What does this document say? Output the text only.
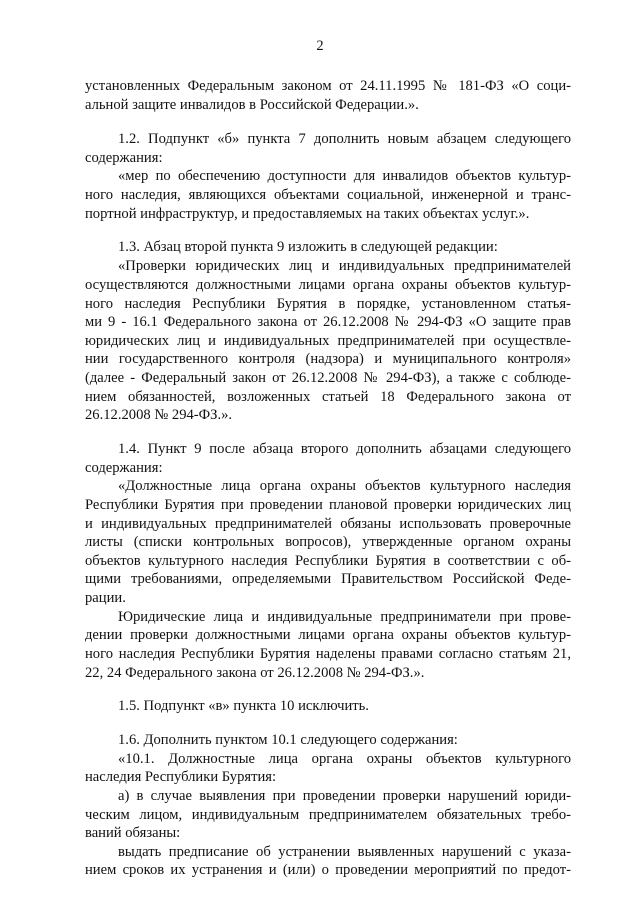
2
установленных Федеральным законом от 24.11.1995 № 181-ФЗ «О соци-
альной защите инвалидов в Российской Федерации.».
1.2. Подпункт «б» пункта 7 дополнить новым абзацем следующего
содержания:
«мер по обеспечению доступности для инвалидов объектов культур-
ного наследия, являющихся объектами социальной, инженерной и транс-
портной инфраструктур, и предоставляемых на таких объектах услуг.».
1.3. Абзац второй пункта 9 изложить в следующей редакции:
«Проверки юридических лиц и индивидуальных предпринимателей
осуществляются должностными лицами органа охраны объектов культур-
ного наследия Республики Бурятия в порядке, установленном статья-
ми 9 - 16.1 Федерального закона от 26.12.2008 № 294-ФЗ «О защите прав
юридических лиц и индивидуальных предпринимателей при осуществле-
нии государственного контроля (надзора) и муниципального контроля»
(далее - Федеральный закон от 26.12.2008 № 294-ФЗ), а также с соблюде-
нием обязанностей, возложенных статьей 18 Федерального закона от
26.12.2008 № 294-ФЗ.».
1.4. Пункт 9 после абзаца второго дополнить абзацами следующего
содержания:
«Должностные лица органа охраны объектов культурного наследия
Республики Бурятия при проведении плановой проверки юридических лиц
и индивидуальных предпринимателей обязаны использовать проверочные
листы (списки контрольных вопросов), утвержденные органом охраны
объектов культурного наследия Республики Бурятия в соответствии с об-
щими требованиями, определяемыми Правительством Российской Феде-
рации.
Юридические лица и индивидуальные предприниматели при прове-
дении проверки должностными лицами органа охраны объектов культур-
ного наследия Республики Бурятия наделены правами согласно статьям 21,
22, 24 Федерального закона от 26.12.2008 № 294-ФЗ.».
1.5. Подпункт «в» пункта 10 исключить.
1.6. Дополнить пунктом 10.1 следующего содержания:
«10.1. Должностные лица органа охраны объектов культурного
наследия Республики Бурятия:
а) в случае выявления при проведении проверки нарушений юриди-
ческим лицом, индивидуальным предпринимателем обязательных требо-
ваний обязаны:
выдать предписание об устранении выявленных нарушений с указа-
нием сроков их устранения и (или) о проведении мероприятий по предот-
